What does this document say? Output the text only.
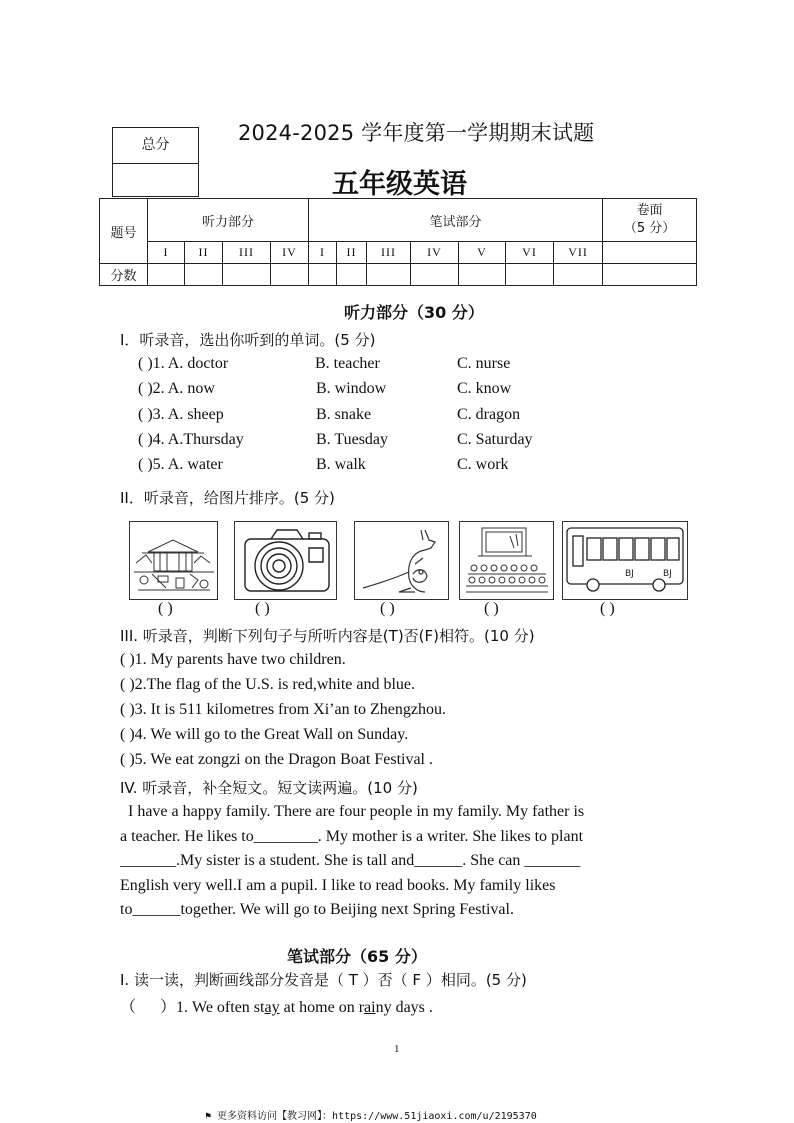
总分	2024-2025 学年度第一学期期末试题
五年级英语
题号	听力部分				笔试部分							卷面
（5 分）

	I	II	III	IV	I	II	III	IV	V	VI	VII	
分数												
听力部分（30 分）
I．听录音，选出你听到的单词。(5 分)
( )1. A. doctor	B. teacher	C. nurse
( )2. A. now	B. window	C. know
( )3. A. sheep	B. snake	C. dragon
( )4. A.Thursday	B. Tuesday	C. Saturday
( )5. A. water	B. walk	C. work
II．听录音，给图片排序。(5 分)
BJ	BJ
( )	( )	( )	( )	( )
III. 听录音，判断下列句子与所听内容是(T)否(F)相符。(10 分)
( )1. My parents have two children.
( )2.The flag of the U.S. is red,white and blue.
( )3. It is 511 kilometres from Xi’an to Zhengzhou.
( )4. We will go to the Great Wall on Sunday.
( )5. We eat zongzi on the Dragon Boat Festival .
IV. 听录音，补全短文。短文读两遍。(10 分)
I have a happy family. There are four people in my family. My father is
a teacher. He likes to________. My mother is a writer. She likes to plant
_______.My sister is a student. She is tall and______. She can _______
English very well.I am a pupil. I like to read books. My family likes
to______together. We will go to Beijing next Spring Festival.
笔试部分（65 分）
I. 读一读，判断画线部分发音是（ T ）否（ F ）相同。(5 分)
（      ）1. We often stay at home on rainy days .
1
⚑ 更多资料访问【教习网】：https://www.51jiaoxi.com/u/2195370
